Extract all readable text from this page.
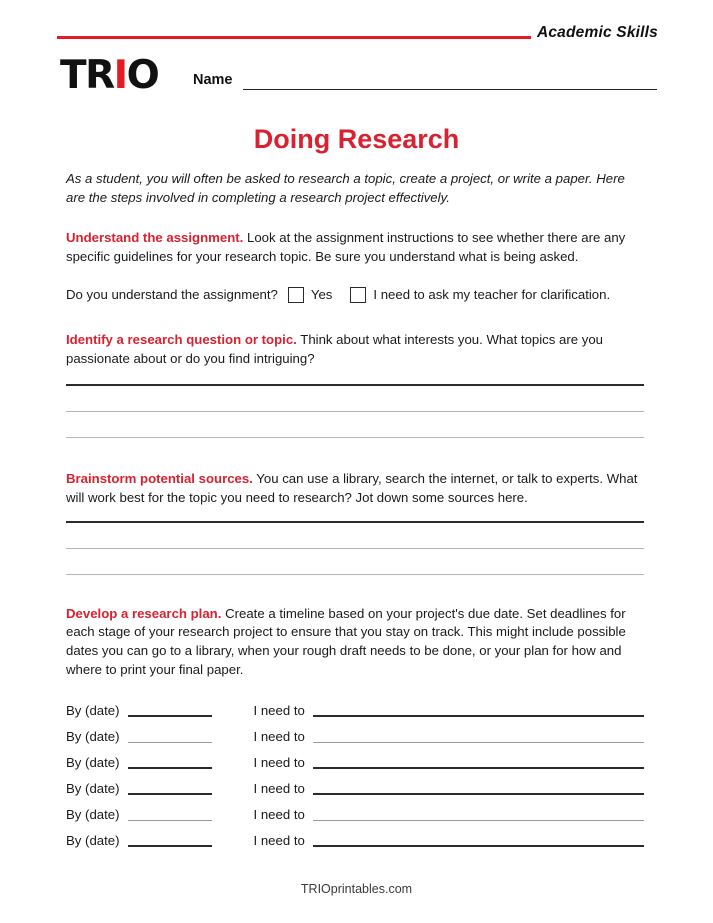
Academic Skills
TRIO Name
Doing Research

As a student, you will often be asked to research a topic, create a project, or write a paper. Here are the steps involved in completing a research project effectively.

Understand the assignment. Look at the assignment instructions to see whether there are any specific guidelines for your research topic. Be sure you understand what is being asked.

Do you understand the assignment?	Yes	I need to ask my teacher for clarification.

Identify a research question or topic. Think about what interests you. What topics are you passionate about or do you find intriguing?

Brainstorm potential sources. You can use a library, search the internet, or talk to experts. What will work best for the topic you need to research? Jot down some sources here.

Develop a research plan. Create a timeline based on your project's due date. Set deadlines for each stage of your research project to ensure that you stay on track. This might include possible dates you can go to a library, when your rough draft needs to be done, or your plan for how and where to print your final paper.

By (date)	I need to
By (date)	I need to
By (date)	I need to
By (date)	I need to
By (date)	I need to
By (date)	I need to
TRIOprintables.com
